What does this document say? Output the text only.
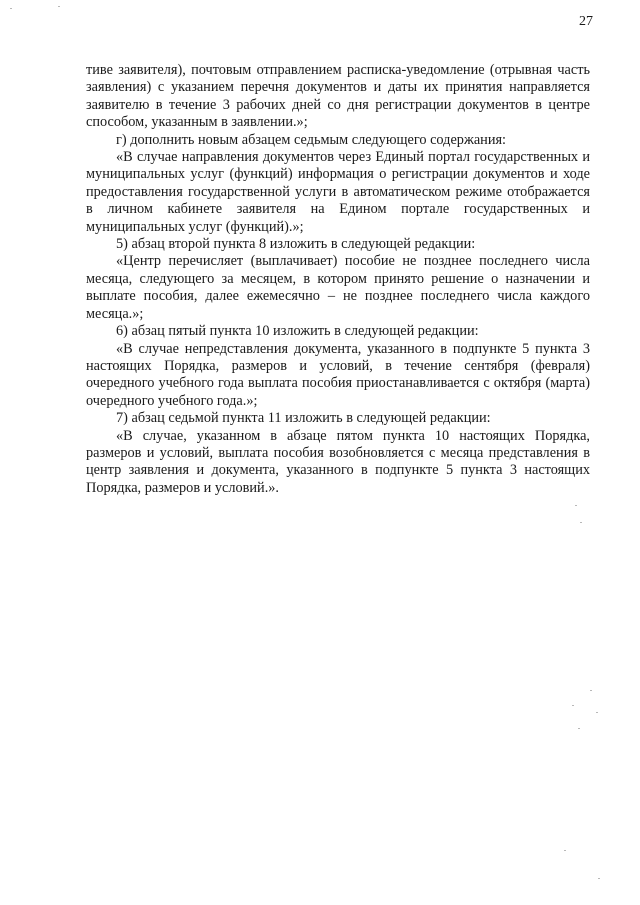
27

тиве заявителя), почтовым отправлением расписка-уведомление (отрывная часть заявления) с указанием перечня документов и даты их принятия направляется заявителю в течение 3 рабочих дней со дня регистрации документов в центре способом, указанным в заявлении.»;

г) дополнить новым абзацем седьмым следующего содержания:

«В случае направления документов через Единый портал государственных и муниципальных услуг (функций) информация о регистрации документов и ходе предоставления государственной услуги в автоматическом режиме отображается в личном кабинете заявителя на Едином портале государственных и муниципальных услуг (функций).»;

5) абзац второй пункта 8 изложить в следующей редакции:

«Центр перечисляет (выплачивает) пособие не позднее последнего числа месяца, следующего за месяцем, в котором принято решение о назначении и выплате пособия, далее ежемесячно – не позднее последнего числа каждого месяца.»;

6) абзац пятый пункта 10 изложить в следующей редакции:

«В случае непредставления документа, указанного в подпункте 5 пункта 3 настоящих Порядка, размеров и условий, в течение сентября (февраля) очередного учебного года выплата пособия приостанавливается с октября (марта) очередного учебного года.»;

7) абзац седьмой пункта 11 изложить в следующей редакции:

«В случае, указанном в абзаце пятом пункта 10 настоящих Порядка, размеров и условий, выплата пособия возобновляется с месяца представления в центр заявления и документа, указанного в подпункте 5 пункта 3 настоящих Порядка, размеров и условий.».
